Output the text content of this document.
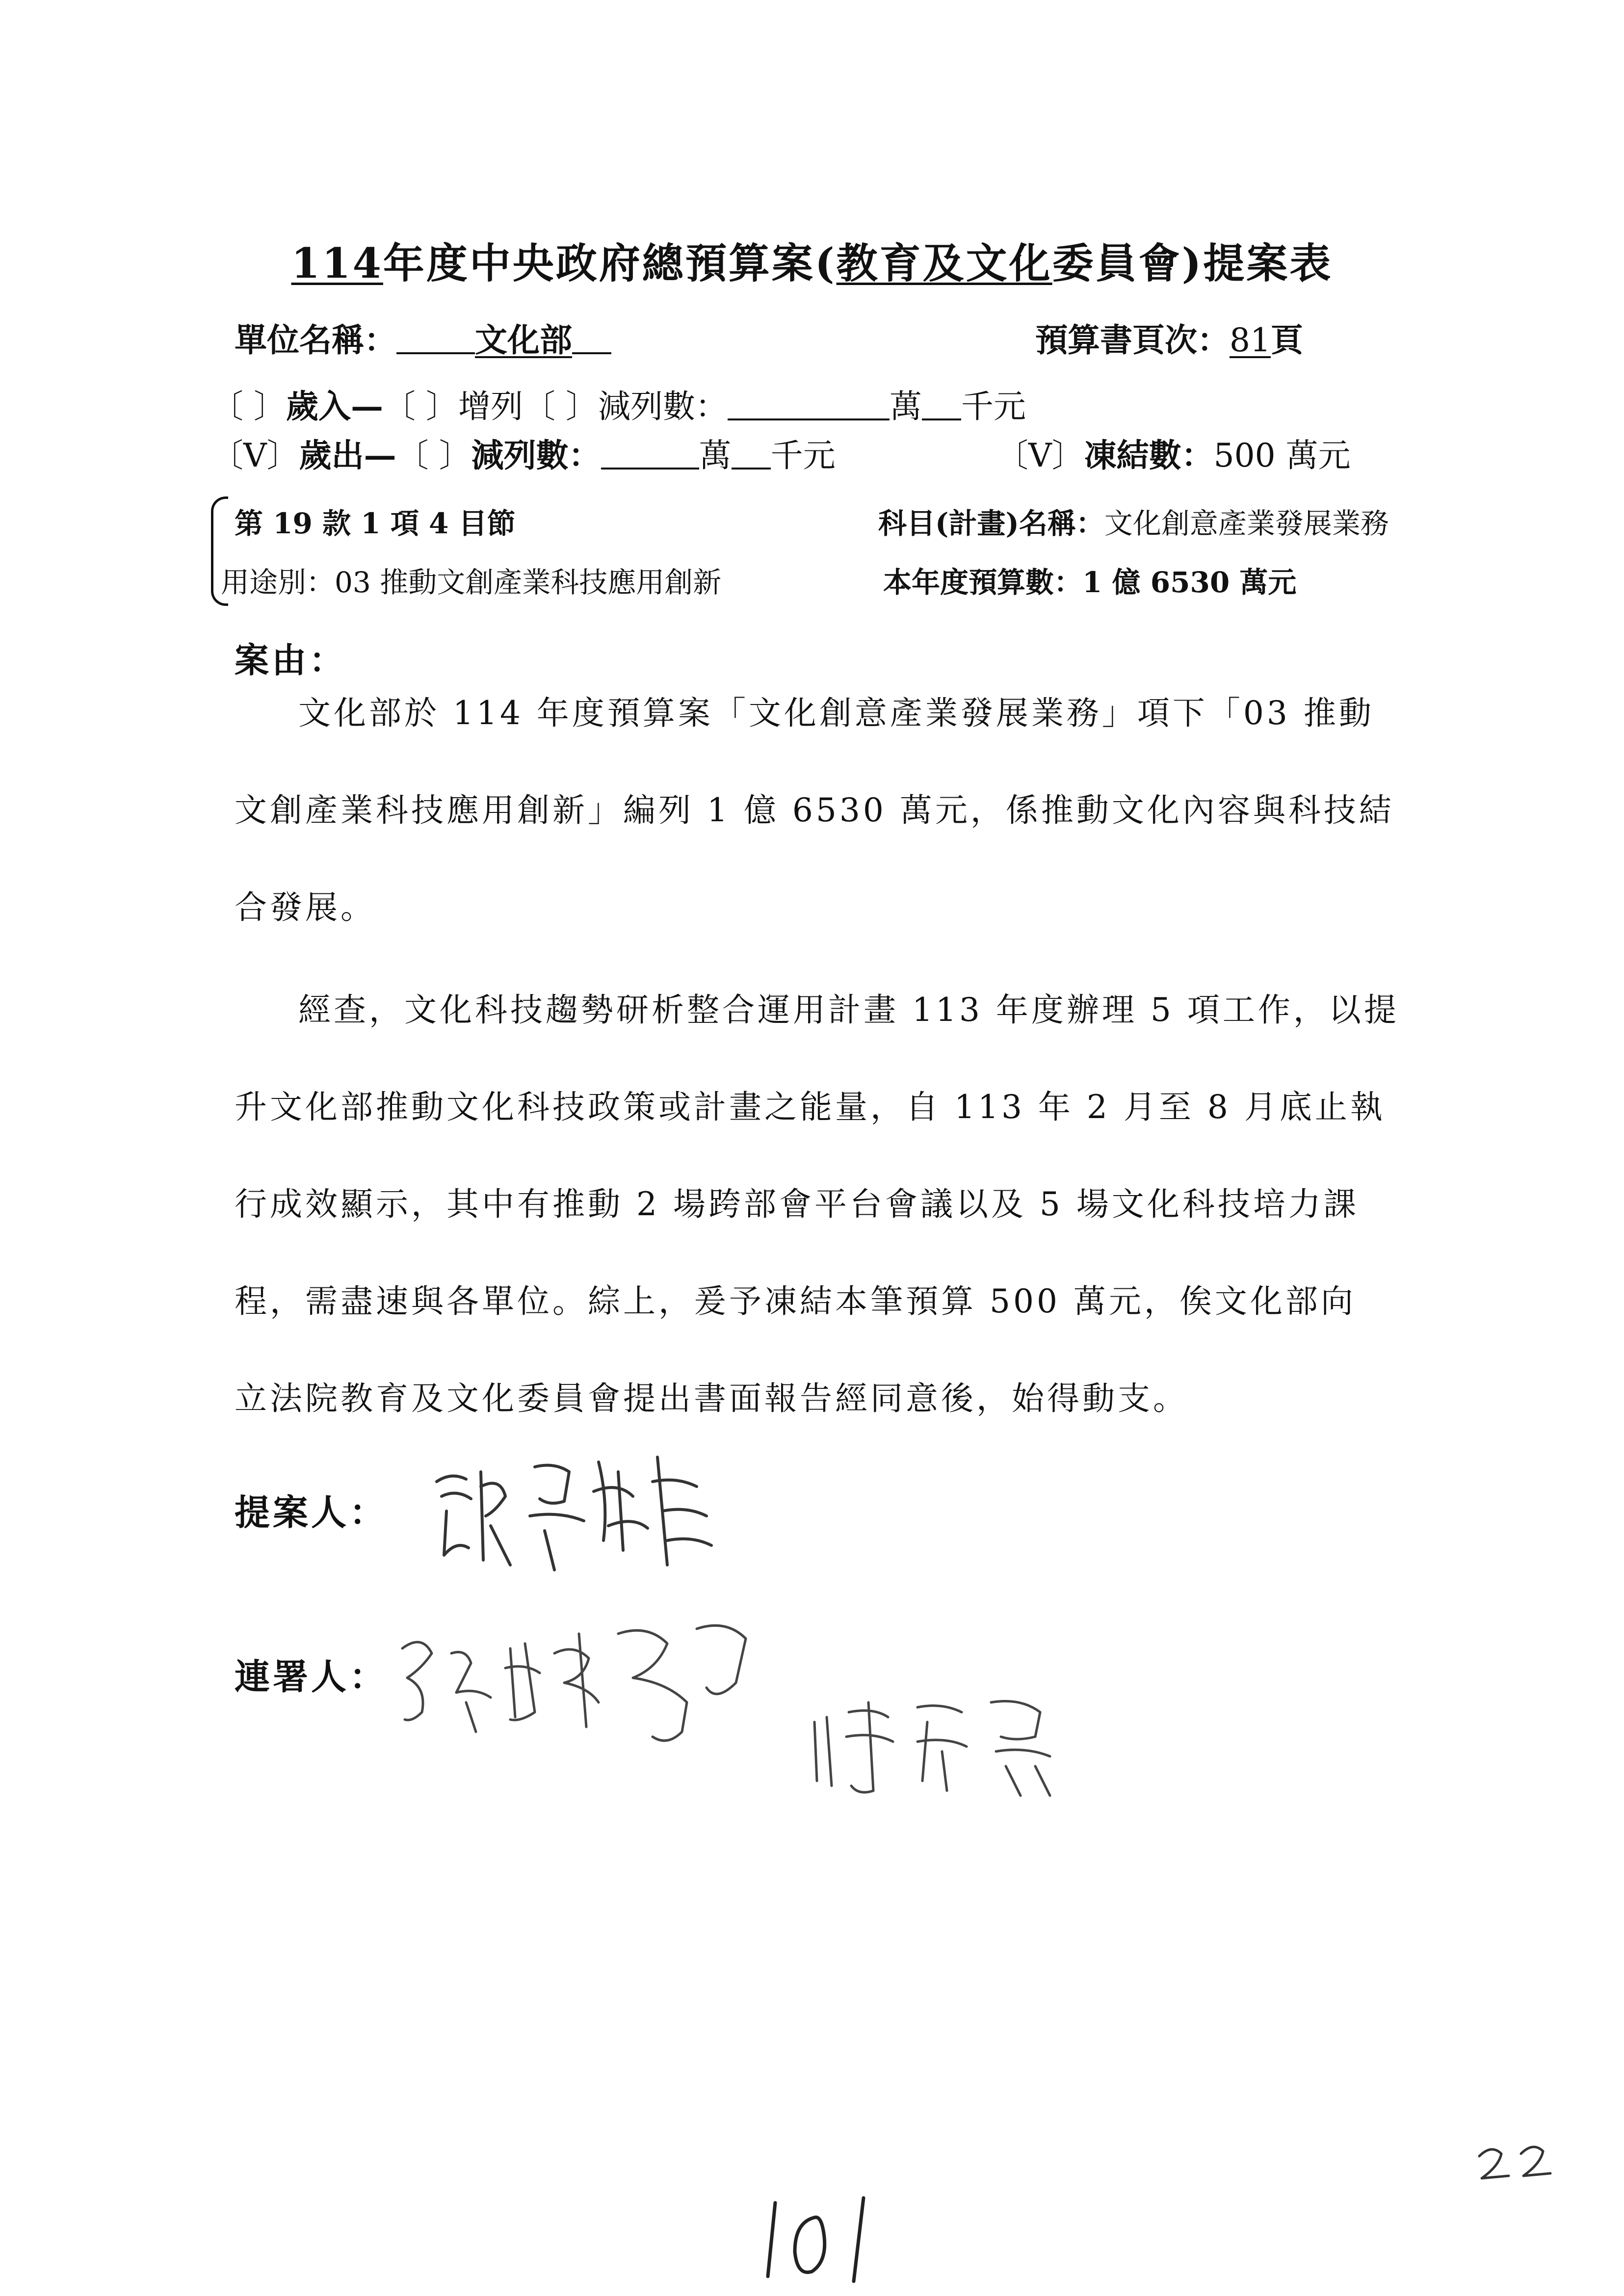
114年度中央政府總預算案(教育及文化委員會)提案表
單位名稱： 文化部	預算書頁次：81頁
〔 〕歲入—〔 〕增列〔 〕減列數：	萬 千元
〔V〕歲出—〔 〕減列數：	萬 千元	〔V〕凍結數：500 萬元
第 19 款 1 項 4 目節	科目(計畫)名稱：文化創意產業發展業務
用途別：03 推動文創產業科技應用創新	本年度預算數：1 億 6530 萬元
案由：
文化部於 114 年度預算案「文化創意產業發展業務」項下「03 推動
文創產業科技應用創新」編列 1 億 6530 萬元，係推動文化內容與科技結
合發展。
經查，文化科技趨勢研析整合運用計畫 113 年度辦理 5 項工作，以提
升文化部推動文化科技政策或計畫之能量，自 113 年 2 月至 8 月底止執
行成效顯示，其中有推動 2 場跨部會平台會議以及 5 場文化科技培力課
程，需盡速與各單位。綜上，爰予凍結本筆預算 500 萬元，俟文化部向
立法院教育及文化委員會提出書面報告經同意後，始得動支。
提案人：
郭昱晴
連署人：
張廖萬堅
陳秀寶
101
22
